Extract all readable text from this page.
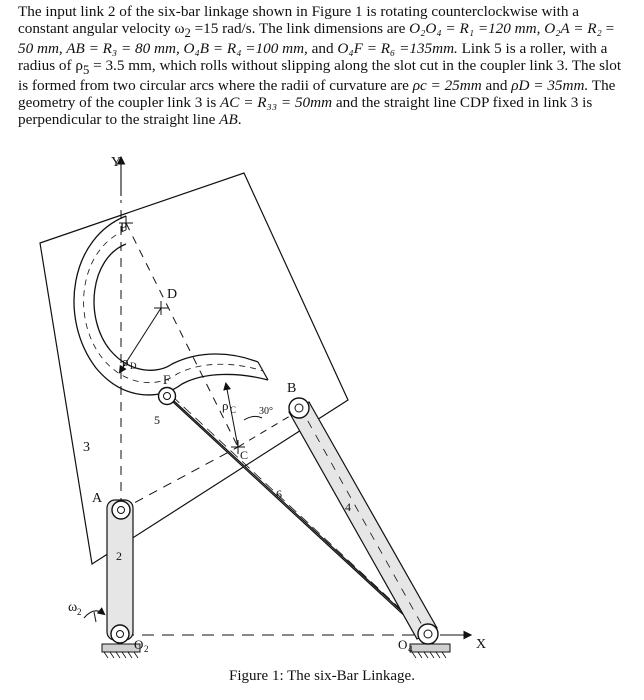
The input link 2 of the six-bar linkage shown in Figure 1 is rotating counterclockwise with a constant angular velocity $\omega_2 =15$ rad/s. The link dimensions are O₂O₄ = R₁ =120 mm, O₂A = R₂ = 50 mm, AB = R₃ = 80 mm, O₄B = R₄ =100 mm, and O₄F = R₆ =135mm. Link 5 is a roller, with a radius of $\rho_5 = 3.5$ mm, which rolls without slipping along the slot cut in the coupler link 3. The slot is formed from two circular arcs where the radii of curvature are ρc = 25mm and ρD = 35mm. The geometry of the coupler link 3 is AC = R₃₃ = 50mm and the straight line CDP fixed in link 3 is perpendicular to the straight line AB.
Y
P
D
ρ D
F
B
ρ C
5
30°
C
3
6
4
A
2
ω 2
O 2	O 4	X
Figure 1: The six-Bar Linkage.
